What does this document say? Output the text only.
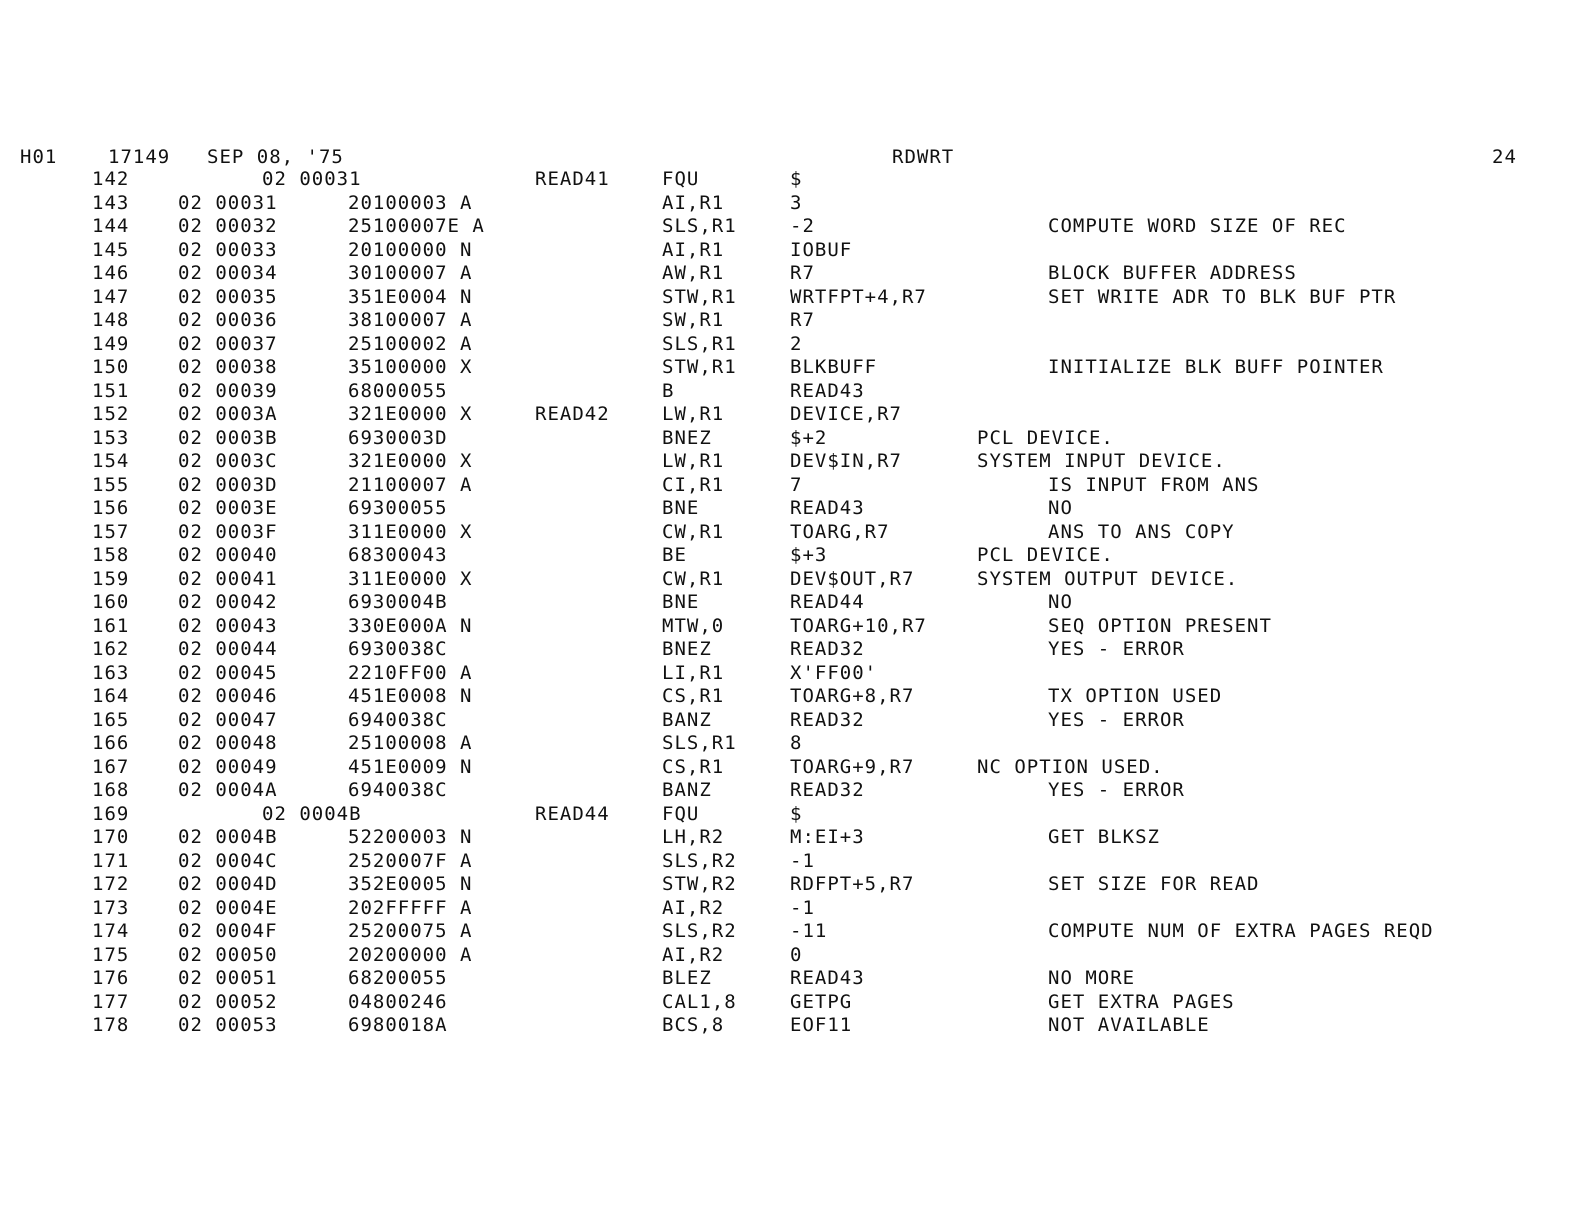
H01	17149 SEP 08, '75	RDWRT	24
142	02 00031	READ41	FQU	$
143	02 00031	20100003 A	AI,R1	3
144	02 00032	25100007E A	SLS,R1	-2	COMPUTE WORD SIZE OF REC
145	02 00033	20100000 N	AI,R1	IOBUF
146	02 00034	30100007 A	AW,R1	R7	BLOCK BUFFER ADDRESS
147	02 00035	351E0004 N	STW,R1	WRTFPT+4,R7	SET WRITE ADR TO BLK BUF PTR
148	02 00036	38100007 A	SW,R1	R7
149	02 00037	25100002 A	SLS,R1	2
150	02 00038	35100000 X	STW,R1	BLKBUFF	INITIALIZE BLK BUFF POINTER
151	02 00039	68000055	B	READ43
152	02 0003A	321E0000 X	READ42	LW,R1	DEVICE,R7
153	02 0003B	6930003D	BNEZ	$+2	PCL DEVICE.
154	02 0003C	321E0000 X	LW,R1	DEV$IN,R7	SYSTEM INPUT DEVICE.
155	02 0003D	21100007 A	CI,R1	7	IS INPUT FROM ANS
156	02 0003E	69300055	BNE	READ43	NO
157	02 0003F	311E0000 X	CW,R1	TOARG,R7	ANS TO ANS COPY
158	02 00040	68300043	BE	$+3	PCL DEVICE.
159	02 00041	311E0000 X	CW,R1	DEV$OUT,R7	SYSTEM OUTPUT DEVICE.
160	02 00042	6930004B	BNE	READ44	NO
161	02 00043	330E000A N	MTW,0	TOARG+10,R7	SEQ OPTION PRESENT
162	02 00044	6930038C	BNEZ	READ32	YES - ERROR
163	02 00045	2210FF00 A	LI,R1	X'FF00'
164	02 00046	451E0008 N	CS,R1	TOARG+8,R7	TX OPTION USED
165	02 00047	6940038C	BANZ	READ32	YES - ERROR
166	02 00048	25100008 A	SLS,R1	8
167	02 00049	451E0009 N	CS,R1	TOARG+9,R7	NC OPTION USED.
168	02 0004A	6940038C	BANZ	READ32	YES - ERROR
169	02 0004B	READ44	FQU	$
170	02 0004B	52200003 N	LH,R2	M:EI+3	GET BLKSZ
171	02 0004C	2520007F A	SLS,R2	-1
172	02 0004D	352E0005 N	STW,R2	RDFPT+5,R7	SET SIZE FOR READ
173	02 0004E	202FFFFF A	AI,R2	-1
174	02 0004F	25200075 A	SLS,R2	-11	COMPUTE NUM OF EXTRA PAGES REQD
175	02 00050	20200000 A	AI,R2	0
176	02 00051	68200055	BLEZ	READ43	NO MORE
177	02 00052	04800246	CAL1,8	GETPG	GET EXTRA PAGES
178	02 00053	6980018A	BCS,8	EOF11	NOT AVAILABLE
